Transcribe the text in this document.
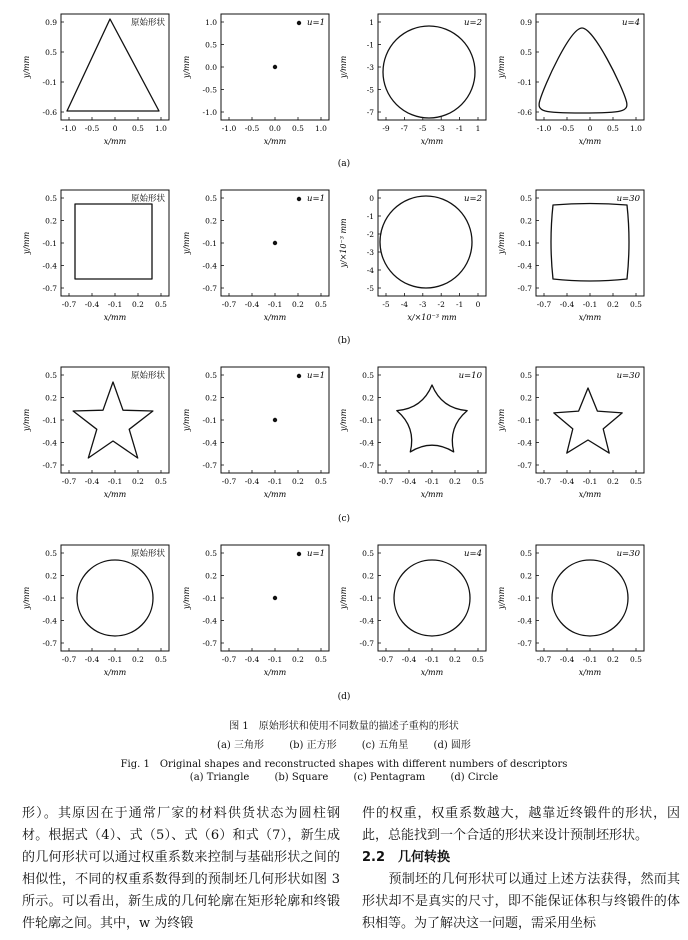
-1.0 -0.5 0 0.5 1.0
0.9
0.5
-0.1
-0.6
x/mm
y/mm
原始形状
-1.0 -0.5 0.0 0.5 1.0
1.0
0.5
0.0
-0.5
-1.0
x/mm
y/mm
u=1
-9 -7 -5 -3 -1 1
1
-1
-3
-5
-7
x/mm
y/mm
u=2
-1.0 -0.5 0 0.5 1.0
0.9
0.5
-0.1
-0.6
x/mm
y/mm
u=4
(a)
-0.7 -0.4 -0.1 0.2 0.5
0.5
0.2
-0.1
-0.4
-0.7
x/mm
y/mm
原始形状
-0.7 -0.4 -0.1 0.2 0.5
0.5
0.2
-0.1
-0.4
-0.7
x/mm
y/mm
u=1
-5 -4 -3 -2 -1 0
0
-1
-2
-3
-4
-5
x/×10⁻³ mm
y/×10⁻³ mm
u=2
-0.7 -0.4 -0.1 0.2 0.5
0.5
0.2
-0.1
-0.4
-0.7
x/mm
y/mm
u=30
(b)
-0.7 -0.4 -0.1 0.2 0.5
0.5
0.2
-0.1
-0.4
-0.7
x/mm
y/mm
原始形状
-0.7 -0.4 -0.1 0.2 0.5
0.5
0.2
-0.1
-0.4
-0.7
x/mm
y/mm
u=1
-0.7 -0.4 -0.1 0.2 0.5
0.5
0.2
-0.1
-0.4
-0.7
x/mm
y/mm
u=10
-0.7 -0.4 -0.1 0.2 0.5
0.5
0.2
-0.1
-0.4
-0.7
x/mm
y/mm
u=30
(c)
-0.7 -0.4 -0.1 0.2 0.5
0.5
0.2
-0.1
-0.4
-0.7
x/mm
y/mm
原始形状
-0.7 -0.4 -0.1 0.2 0.5
0.5
0.2
-0.1
-0.4
-0.7
x/mm
y/mm
u=1
-0.7 -0.4 -0.1 0.2 0.5
0.5
0.2
-0.1
-0.4
-0.7
x/mm
y/mm
u=4
-0.7 -0.4 -0.1 0.2 0.5
0.5
0.2
-0.1
-0.4
-0.7
x/mm
y/mm
u=30
(d)
图 1　原始形状和使用不同数量的描述子重构的形状
(a) 三角形	(b) 正方形	(c) 五角星	(d) 圆形
Fig. 1　Original shapes and reconstructed shapes with different numbers of descriptors
(a) Triangle	(b) Square	(c) Pentagram	(d) Circle

形）。其原因在于通常厂家的材料供货状态为圆柱钢材。根据式（4）、式（5）、式（6）和式（7），新生成的几何形状可以通过权重系数来控制与基础形状之间的相似性，不同的权重系数得到的预制坯几何形状如图 3 所示。可以看出，新生成的几何轮廓在矩形轮廓和终锻件轮廓之间。其中，w 为终锻

件的权重，权重系数越大，越靠近终锻件的形状，因此，总能找到一个合适的形状来设计预制坯形状。

2.2　几何转换

　　预制坯的几何形状可以通过上述方法获得，然而其形状却不是真实的尺寸，即不能保证体积与终锻件的体积相等。为了解决这一问题，需采用坐标
